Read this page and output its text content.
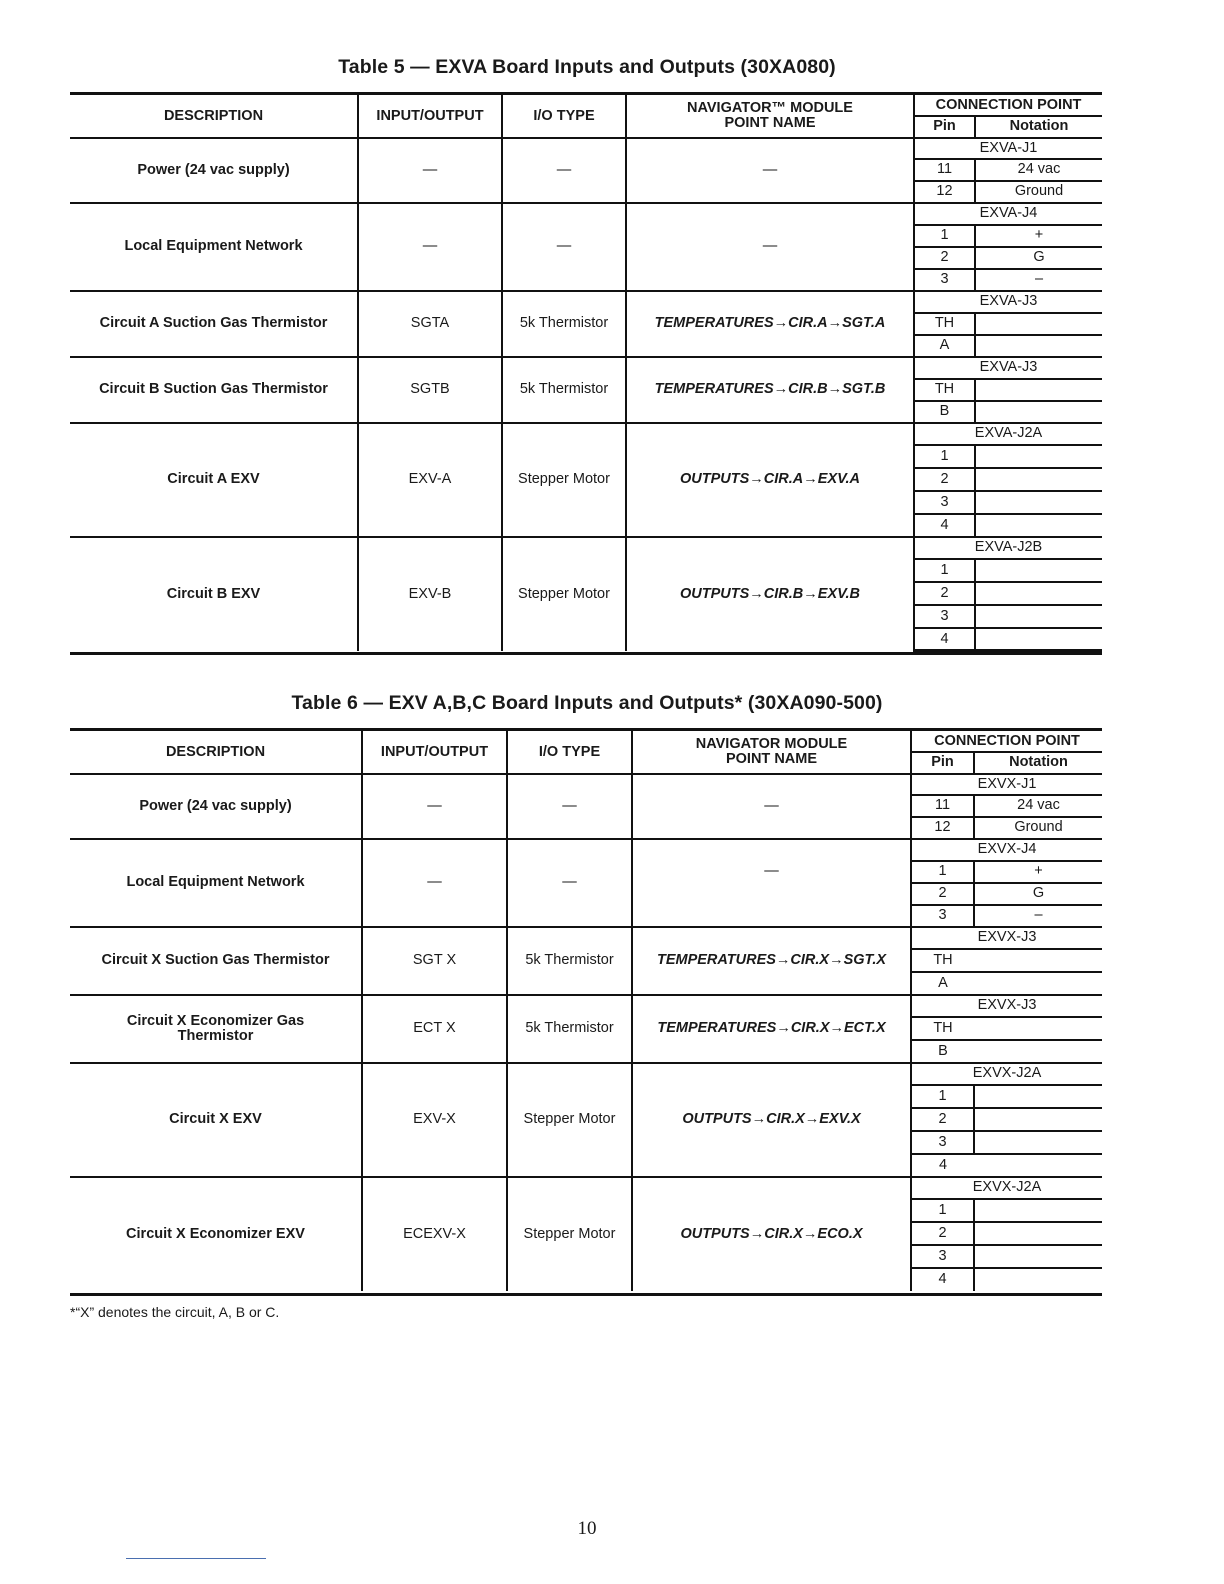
Table 5 — EXVA Board Inputs and Outputs (30XA080)
DESCRIPTION	INPUT/OUTPUT	I/O TYPE	NAVIGATOR™ MODULE
POINT NAME	CONNECTION POINT	
				Pin	Notation
Power (24 vac supply)	—	—	—	EXVA-J1	
				11	24 vac
				12	Ground
Local Equipment Network	—	—	—	EXVA-J4	
				1	+
				2	G
				3	–
Circuit A Suction Gas Thermistor	SGTA	5k Thermistor	TEMPERATURES→CIR.A→SGT.A	EXVA-J3	
				TH	
				A	
Circuit B Suction Gas Thermistor	SGTB	5k Thermistor	TEMPERATURES→CIR.B→SGT.B	EXVA-J3	
				TH	
				B	
Circuit A EXV	EXV-A	Stepper Motor	OUTPUTS→CIR.A→EXV.A	EXVA-J2A	
				1	
				2	
				3	
				4	
Circuit B EXV	EXV-B	Stepper Motor	OUTPUTS→CIR.B→EXV.B	EXVA-J2B	
				1	
				2	
				3	
				4	
Table 6 — EXV A,B,C Board Inputs and Outputs* (30XA090-500)
DESCRIPTION	INPUT/OUTPUT	I/O TYPE	NAVIGATOR MODULE
POINT NAME	CONNECTION POINT	
				Pin	Notation
Power (24 vac supply)	—	—	—	EXVX-J1	
				11	24 vac
				12	Ground
Local Equipment Network	—	—	—	EXVX-J4	
				1	+
				2	G
				3	–
Circuit X Suction Gas Thermistor	SGT X	5k Thermistor	TEMPERATURES→CIR.X→SGT.X	EXVX-J3	
				TH	
				A	
Circuit X Economizer Gas
Thermistor	ECT X	5k Thermistor	TEMPERATURES→CIR.X→ECT.X	EXVX-J3	
				TH	
				B	
Circuit X EXV	EXV-X	Stepper Motor	OUTPUTS→CIR.X→EXV.X	EXVX-J2A	
				1	
				2	
				3	
				4	
Circuit X Economizer EXV	ECEXV-X	Stepper Motor	OUTPUTS→CIR.X→ECO.X	EXVX-J2A	
				1	
				2	
				3	
				4	
*“X” denotes the circuit, A, B or C.
10
